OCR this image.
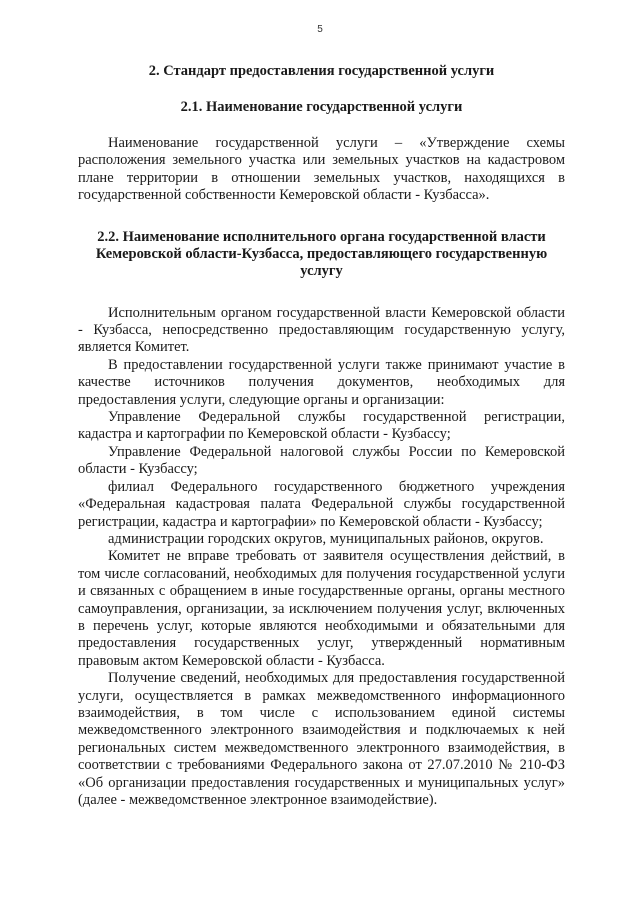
5
2. Стандарт предоставления государственной услуги
2.1. Наименование государственной услуги

Наименование государственной услуги – «Утверждение схемы расположения земельного участка или земельных участков на кадастровом плане территории в отношении земельных участков, находящихся в государственной собственности Кемеровской области - Кузбасса».

2.2. Наименование исполнительного органа государственной власти Кемеровской области-Кузбасса, предоставляющего государственную услугу

Исполнительным органом государственной власти Кемеровской области - Кузбасса, непосредственно предоставляющим государственную услугу, является Комитет.

В предоставлении государственной услуги также принимают участие в качестве источников получения документов, необходимых для предоставления услуги, следующие органы и организации:

Управление Федеральной службы государственной регистрации, кадастра и картографии по Кемеровской области - Кузбассу;

Управление Федеральной налоговой службы России по Кемеровской области - Кузбассу;

филиал Федерального государственного бюджетного учреждения «Федеральная кадастровая палата Федеральной службы государственной регистрации, кадастра и картографии» по Кемеровской области - Кузбассу;

администрации городских округов, муниципальных районов, округов.

Комитет не вправе требовать от заявителя осуществления действий, в том числе согласований, необходимых для получения государственной услуги и связанных с обращением в иные государственные органы, органы местного самоуправления, организации, за исключением получения услуг, включенных в перечень услуг, которые являются необходимыми и обязательными для предоставления государственных услуг, утвержденный нормативным правовым актом Кемеровской области - Кузбасса.

Получение сведений, необходимых для предоставления государственной услуги, осуществляется в рамках межведомственного информационного взаимодействия, в том числе с использованием единой системы межведомственного электронного взаимодействия и подключаемых к ней региональных систем межведомственного электронного взаимодействия, в соответствии с требованиями Федерального закона от 27.07.2010 № 210-ФЗ «Об организации предоставления государственных и муниципальных услуг» (далее - межведомственное электронное взаимодействие).
